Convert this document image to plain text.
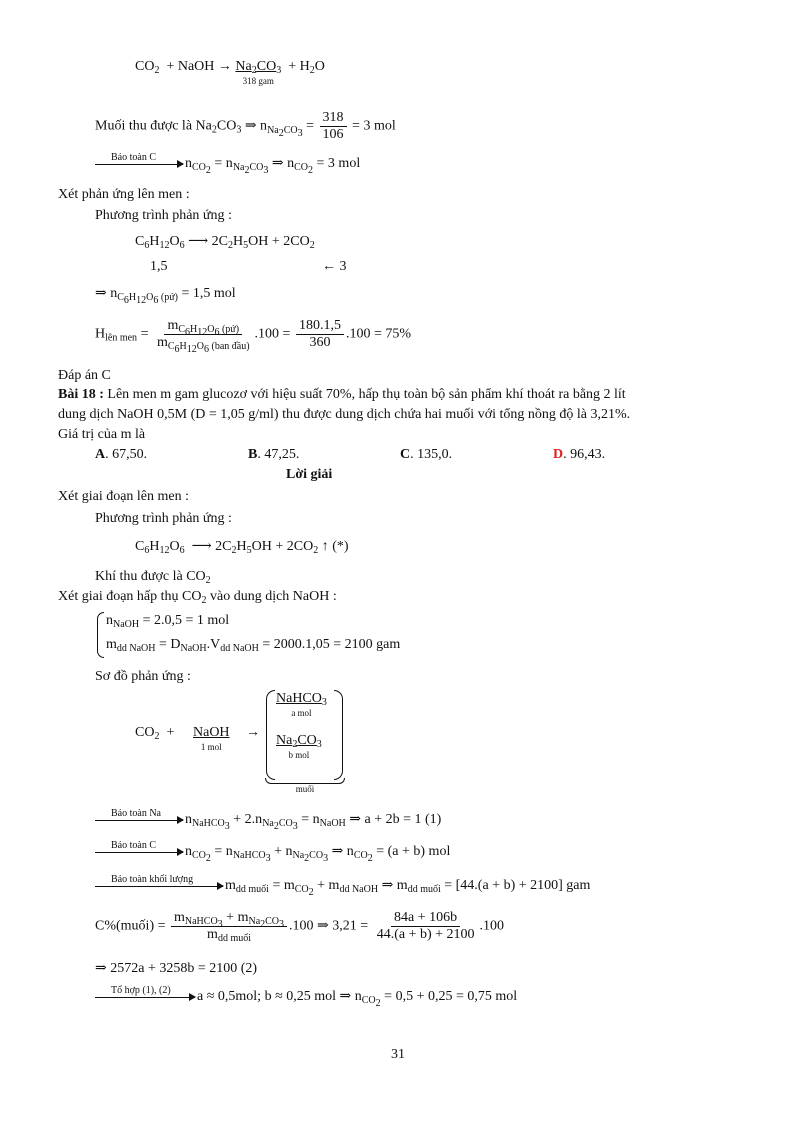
$CO_2$ + NaOH → $Na_2CO_3$
318 gam
+ $H_2O$
Muối thu được là $Na_2CO_3$ ⇒ $n_{Na_2CO_3} = \frac{318}{106} = 3$ mol
Bảo toàn C $n_{CO_2} = n_{Na_2CO_3}$ ⇒ $n_{CO_2} = 3$ mol
Xét phản ứng lên men :
Phương trình phản ứng :
$C_6H_{12}O_6$ ⟶ $2C_2H_5OH + 2CO_2$
1,5	← 3
⇒ $n_{C_6H_{12}O_6 (pứ)} = 1,5$ mol
$H_{lên men} = \frac{m_{C_6H_{12}O_6 (pứ)}}{m_{C_6H_{12}O_6 (ban đầu)}} .100 = \frac{180.1,5}{360} .100 = 75\%$
Đáp án C
Bài 18 : Lên men m gam glucozơ với hiệu suất 70%, hấp thụ toàn bộ sản phẩm khí thoát ra bằng 2 lít
dung dịch NaOH 0,5M (D = 1,05 g/ml) thu được dung dịch chứa hai muối với tổng nồng độ là 3,21%.
Giá trị của m là
A. 67,50.	B. 47,25.	C. 135,0.	D. 96,43.
Lời giải
Xét giai đoạn lên men :
Phương trình phản ứng :
$C_6H_{12}O_6$  ⟶ $2C_2H_5OH + 2CO_2$ ↑ (*)
Khí thu được là $CO_2$
Xét giai đoạn hấp thụ $CO_2$ vào dung dịch NaOH :
$n_{NaOH} = 2.0,5 = 1$ mol
$m_{dd NaOH} = D_{NaOH}.V_{dd NaOH} = 2000.1,05 = 2100$ gam
Sơ đồ phản ứng :
$CO_2$ +	NaOH
1 mol
→
NaHCO$_3$
a mol
$Na_2CO_3$
b mol
muối
Bảo toàn Na $n_{NaHCO_3} + 2.n_{Na_2CO_3} = n_{NaOH}$ ⇒ a + 2b = 1 (1)
Bảo toàn C $n_{CO_2} = n_{NaHCO_3} + n_{Na_2CO_3}$ ⇒ $n_{CO_2} = (a + b)$ mol
Bảo toàn khối lượng $m_{dd muối} = m_{CO_2} + m_{dd NaOH}$ ⇒ $m_{dd muối} = [44.(a + b) + 2100]$ gam
C%(muối) = $\frac{m_{NaHCO_3} + m_{Na_2CO_3}}{m_{dd muối}} .100$ ⇒ $3,21 = \frac{84a + 106b}{44.(a + b) + 2100} .100$
⇒ 2572a + 3258b = 2100 (2)
Tổ hợp (1), (2) a ≈ 0,5mol; b ≈ 0,25 mol ⇒ $n_{CO_2} = 0,5 + 0,25 = 0,75$ mol
31
